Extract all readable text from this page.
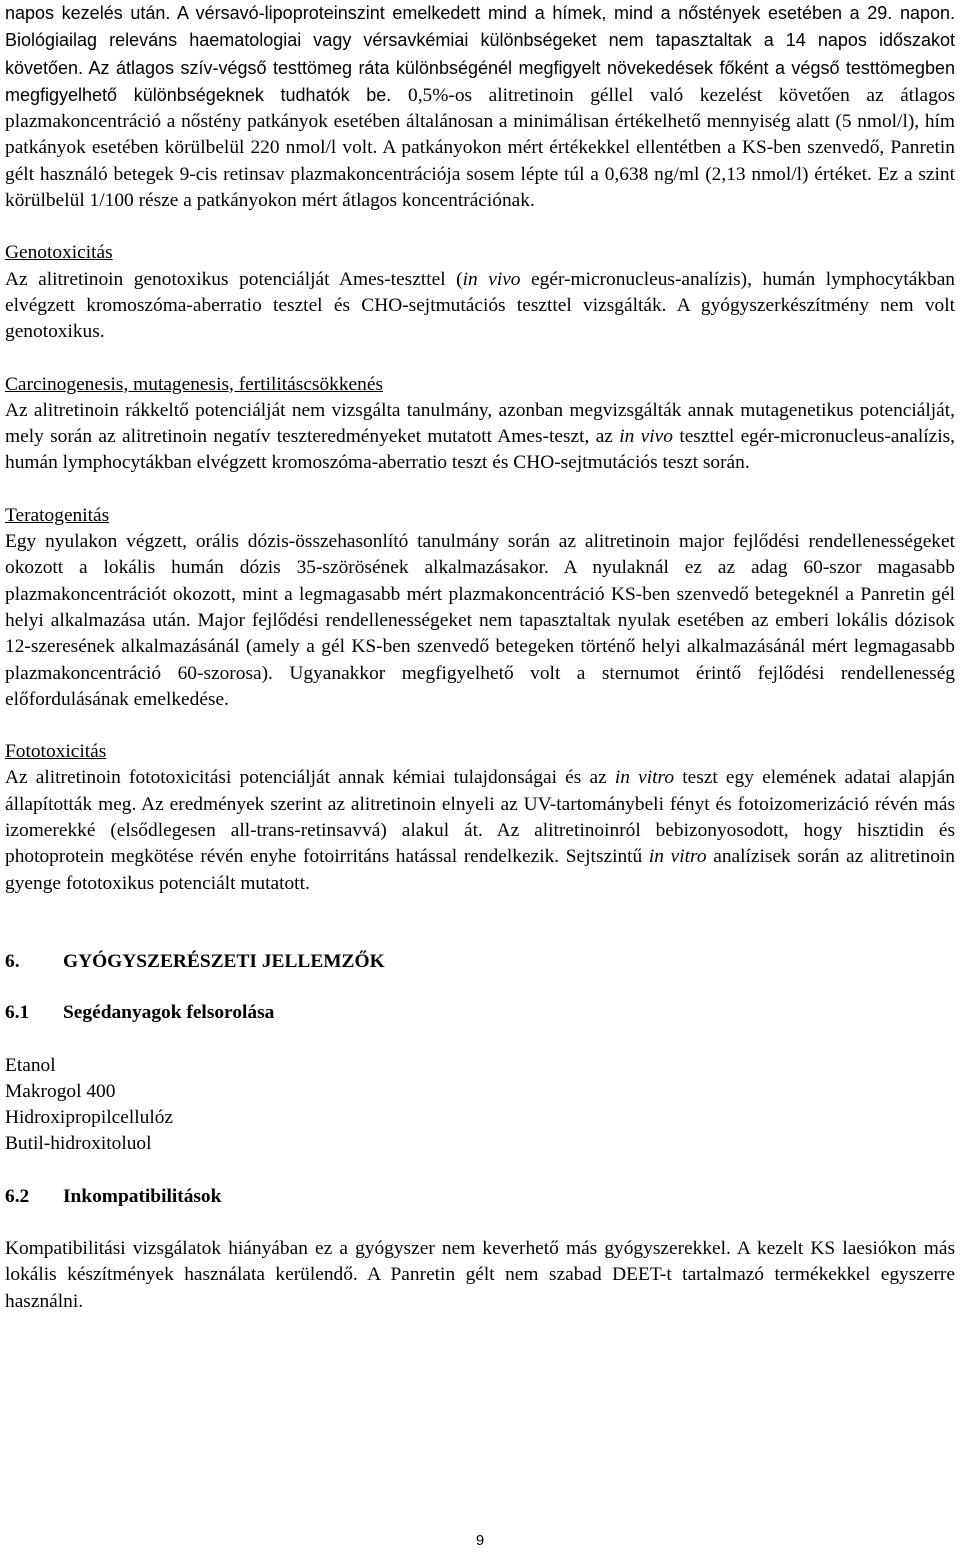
napos kezelés után. A vérsavó-lipoproteinszint emelkedett mind a hímek, mind a nőstények esetében a 29. napon. Biológiailag releváns haematologiai vagy vérsavkémiai különbségeket nem tapasztaltak a 14 napos időszakot követően. Az átlagos szív-végső testtömeg ráta különbségénél megfigyelt növekedések főként a végső testtömegben megfigyelhető különbségeknek tudhatók be. 0,5%-os alitretinoin géllel való kezelést követően az átlagos plazmakoncentráció a nőstény patkányok esetében általánosan a minimálisan értékelhető mennyiség alatt (5 nmol/l), hím patkányok esetében körülbelül 220 nmol/l volt. A patkányokon mért értékekkel ellentétben a KS-ben szenvedő, Panretin gélt használó betegek 9-cis retinsav plazmakoncentrációja sosem lépte túl a 0,638 ng/ml (2,13 nmol/l) értéket. Ez a szint körülbelül 1/100 része a patkányokon mért átlagos koncentrációnak.

Genotoxicitás

Az alitretinoin genotoxikus potenciálját Ames-teszttel (in vivo egér-micronucleus-analízis), humán lymphocytákban elvégzett kromoszóma-aberratio tesztel és CHO-sejtmutációs teszttel vizsgálták. A gyógyszerkészítmény nem volt genotoxikus.

Carcinogenesis, mutagenesis, fertilitáscsökkenés

Az alitretinoin rákkeltő potenciálját nem vizsgálta tanulmány, azonban megvizsgálták annak mutagenetikus potenciálját, mely során az alitretinoin negatív teszteredményeket mutatott Ames-teszt, az in vivo teszttel egér-micronucleus-analízis, humán lymphocytákban elvégzett kromoszóma-aberratio teszt és CHO-sejtmutációs teszt során.

Teratogenitás

Egy nyulakon végzett, orális dózis-összehasonlító tanulmány során az alitretinoin major fejlődési rendellenességeket okozott a lokális humán dózis 35-szörösének alkalmazásakor. A nyulaknál ez az adag 60-szor magasabb plazmakoncentrációt okozott, mint a legmagasabb mért plazmakoncentráció KS-ben szenvedő betegeknél a Panretin gél helyi alkalmazása után. Major fejlődési rendellenességeket nem tapasztaltak nyulak esetében az emberi lokális dózisok 12-szeresének alkalmazásánál (amely a gél KS-ben szenvedő betegeken történő helyi alkalmazásánál mért legmagasabb plazmakoncentráció 60-szorosa). Ugyanakkor megfigyelhető volt a sternumot érintő fejlődési rendellenesség előfordulásának emelkedése.

Fototoxicitás

Az alitretinoin fototoxicitási potenciálját annak kémiai tulajdonságai és az in vitro teszt egy elemének adatai alapján állapították meg. Az eredmények szerint az alitretinoin elnyeli az UV-tartománybeli fényt és fotoizomerizáció révén más izomerekké (elsődlegesen all-trans-retinsavvá) alakul át. Az alitretinoinról bebizonyosodott, hogy hisztidin és photoprotein megkötése révén enyhe fotoirritáns hatással rendelkezik. Sejtszintű in vitro analízisek során az alitretinoin gyenge fototoxikus potenciált mutatott.

6. GYÓGYSZERÉSZETI JELLEMZŐK
6.1 Segédanyagok felsorolása
Etanol
Makrogol 400
Hidroxipropilcellulóz
Butil-hidroxitoluol
6.2 Inkompatibilitások

Kompatibilitási vizsgálatok hiányában ez a gyógyszer nem keverhető más gyógyszerekkel. A kezelt KS laesiókon más lokális készítmények használata kerülendő. A Panretin gélt nem szabad DEET-t tartalmazó termékekkel egyszerre használni.

9
